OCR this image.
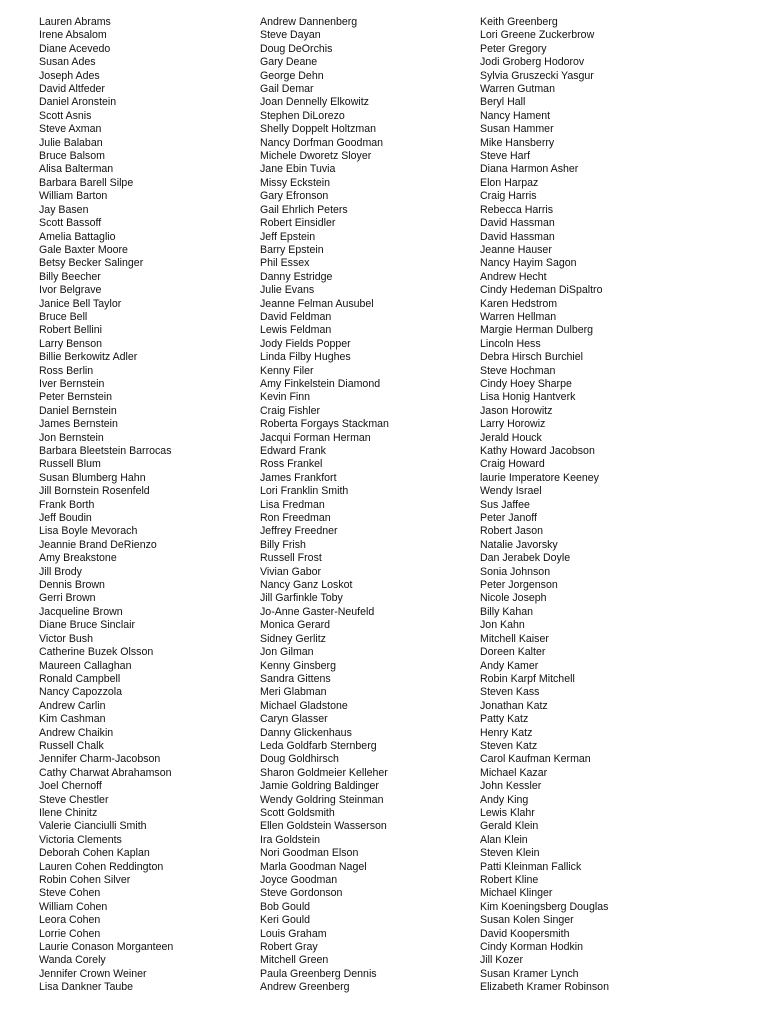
Lauren Abrams
Irene Absalom
Diane Acevedo
Susan Ades
Joseph Ades
David Altfeder
Daniel Aronstein
Scott Asnis
Steve Axman
Julie Balaban
Bruce Balsom
Alisa Balterman
Barbara Barell Silpe
William Barton
Jay Basen
Scott Bassoff
Amelia Battaglio
Gale Baxter Moore
Betsy Becker Salinger
Billy Beecher
Ivor Belgrave
Janice Bell Taylor
Bruce Bell
Robert Bellini
Larry Benson
Billie Berkowitz Adler
Ross Berlin
Iver Bernstein
Peter Bernstein
Daniel Bernstein
James Bernstein
Jon Bernstein
Barbara Bleetstein Barrocas
Russell Blum
Susan Blumberg Hahn
Jill Bornstein Rosenfeld
Frank Borth
Jeff Boudin
Lisa Boyle Mevorach
Jeannie Brand DeRienzo
Amy Breakstone
Jill Brody
Dennis Brown
Gerri Brown
Jacqueline Brown
Diane Bruce Sinclair
Victor Bush
Catherine Buzek Olsson
Maureen Callaghan
Ronald Campbell
Nancy Capozzola
Andrew Carlin
Kim Cashman
Andrew Chaikin
Russell Chalk
Jennifer Charm-Jacobson
Cathy Charwat Abrahamson
Joel Chernoff
Steve Chestler
Ilene Chinitz
Valerie Cianciulli Smith
Victoria Clements
Deborah Cohen Kaplan
Lauren Cohen Reddington
Robin Cohen Silver
Steve Cohen
William Cohen
Leora Cohen
Lorrie Cohen
Laurie Conason Morganteen
Wanda Corely
Jennifer Crown Weiner
Lisa Dankner Taube
Andrew Dannenberg
Steve Dayan
Doug DeOrchis
Gary Deane
George Dehn
Gail Demar
Joan Dennelly Elkowitz
Stephen DiLorezo
Shelly Doppelt Holtzman
Nancy Dorfman Goodman
Michele Dworetz Sloyer
Jane Ebin Tuvia
Missy Eckstein
Gary Efronson
Gail Ehrlich Peters
Robert Einsidler
Jeff Epstein
Barry Epstein
Phil Essex
Danny Estridge
Julie Evans
Jeanne Felman Ausubel
David Feldman
Lewis Feldman
Jody Fields Popper
Linda Filby Hughes
Kenny Filer
Amy Finkelstein Diamond
Kevin Finn
Craig Fishler
Roberta Forgays Stackman
Jacqui Forman Herman
Edward Frank
Ross Frankel
James Frankfort
Lori Franklin Smith
Lisa Fredman
Ron Freedman
Jeffrey Freedner
Billy Frish
Russell Frost
Vivian Gabor
Nancy Ganz Loskot
Jill Garfinkle Toby
Jo-Anne Gaster-Neufeld
Monica Gerard
Sidney Gerlitz
Jon Gilman
Kenny Ginsberg
Sandra Gittens
Meri Glabman
Michael Gladstone
Caryn Glasser
Danny Glickenhaus
Leda Goldfarb Sternberg
Doug Goldhirsch
Sharon Goldmeier Kelleher
Jamie Goldring Baldinger
Wendy Goldring Steinman
Scott Goldsmith
Ellen Goldstein Wasserson
Ira Goldstein
Nori Goodman Elson
Marla Goodman Nagel
Joyce Goodman
Steve Gordonson
Bob Gould
Keri Gould
Louis Graham
Robert Gray
Mitchell Green
Paula Greenberg Dennis
Andrew Greenberg
Keith Greenberg
Lori Greene Zuckerbrow
Peter Gregory
Jodi Groberg Hodorov
Sylvia Gruszecki Yasgur
Warren Gutman
Beryl Hall
Nancy Hament
Susan Hammer
Mike Hansberry
Steve Harf
Diana Harmon Asher
Elon Harpaz
Craig Harris
Rebecca Harris
David Hassman
David Hassman
Jeanne Hauser
Nancy Hayim Sagon
Andrew Hecht
Cindy Hedeman DiSpaltro
Karen Hedstrom
Warren Hellman
Margie Herman Dulberg
Lincoln Hess
Debra Hirsch Burchiel
Steve Hochman
Cindy Hoey Sharpe
Lisa Honig Hantverk
Jason Horowitz
Larry Horowiz
Jerald Houck
Kathy Howard Jacobson
Craig Howard
laurie Imperatore Keeney
Wendy Israel
Sus Jaffee
Peter Janoff
Robert Jason
Natalie Javorsky
Dan Jerabek Doyle
Sonia Johnson
Peter Jorgenson
Nicole Joseph
Billy Kahan
Jon Kahn
Mitchell Kaiser
Doreen Kalter
Andy Kamer
Robin Karpf Mitchell
Steven Kass
Jonathan Katz
Patty Katz
Henry Katz
Steven Katz
Carol Kaufman Kerman
Michael Kazar
John Kessler
Andy King
Lewis Klahr
Gerald Klein
Alan Klein
Steven Klein
Patti Kleinman Fallick
Robert Kline
Michael Klinger
Kim Koeningsberg Douglas
Susan Kolen Singer
David Koopersmith
Cindy Korman Hodkin
Jill Kozer
Susan Kramer Lynch
Elizabeth Kramer Robinson
